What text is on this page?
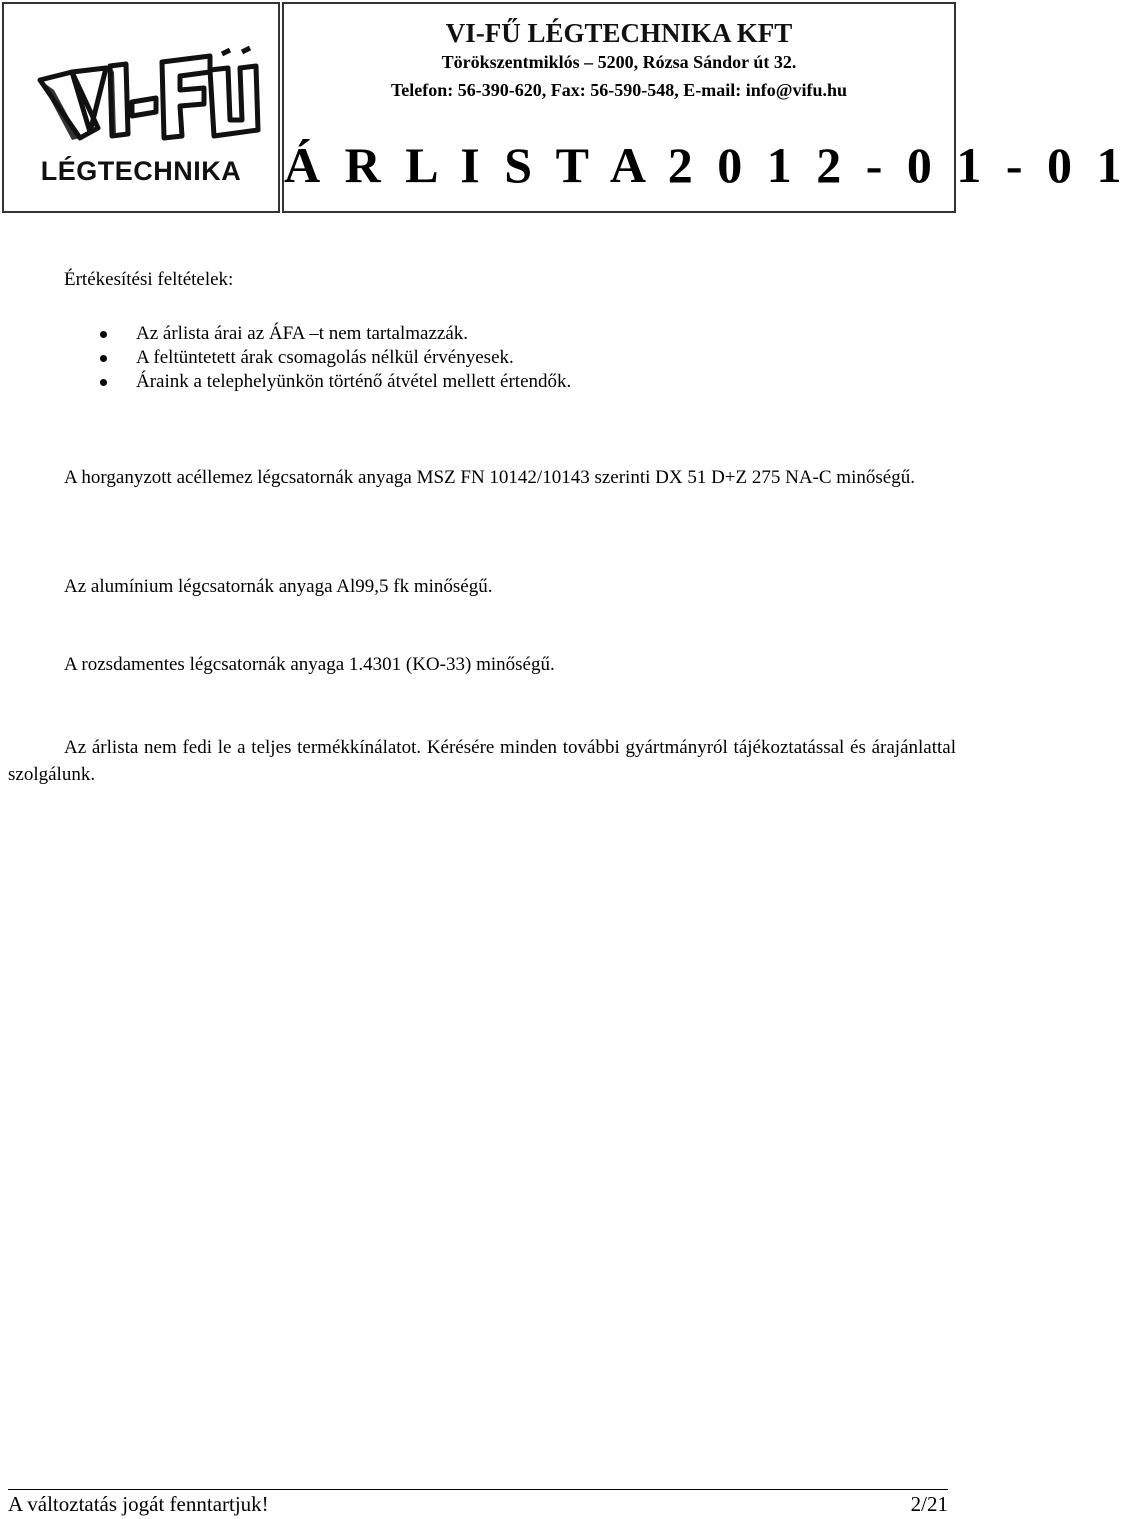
LÉGTECHNIKA
VI-FŰ LÉGTECHNIKA KFT
Törökszentmiklós – 5200, Rózsa Sándor út 32.
Telefon: 56-390-620, Fax: 56-590-548, E-mail: info@vifu.hu
Á R L I S T A 2 0 1 2 - 0 1 - 0 1
Értékesítési feltételek:
Az árlista árai az ÁFA –t nem tartalmazzák.
A feltüntetett árak csomagolás nélkül érvényesek.
Áraink a telephelyünkön történő átvétel mellett értendők.
A horganyzott acéllemez légcsatornák anyaga MSZ FN 10142/10143 szerinti DX 51 D+Z 275 NA-C minőségű.
Az alumínium légcsatornák anyaga Al99,5 fk minőségű.
A rozsdamentes légcsatornák anyaga 1.4301 (KO-33) minőségű.
Az árlista nem fedi le a teljes termékkínálatot. Kérésére minden további gyártmányról tájékoztatással és árajánlattal szolgálunk.
A változtatás jogát fenntartjuk!	2/21
